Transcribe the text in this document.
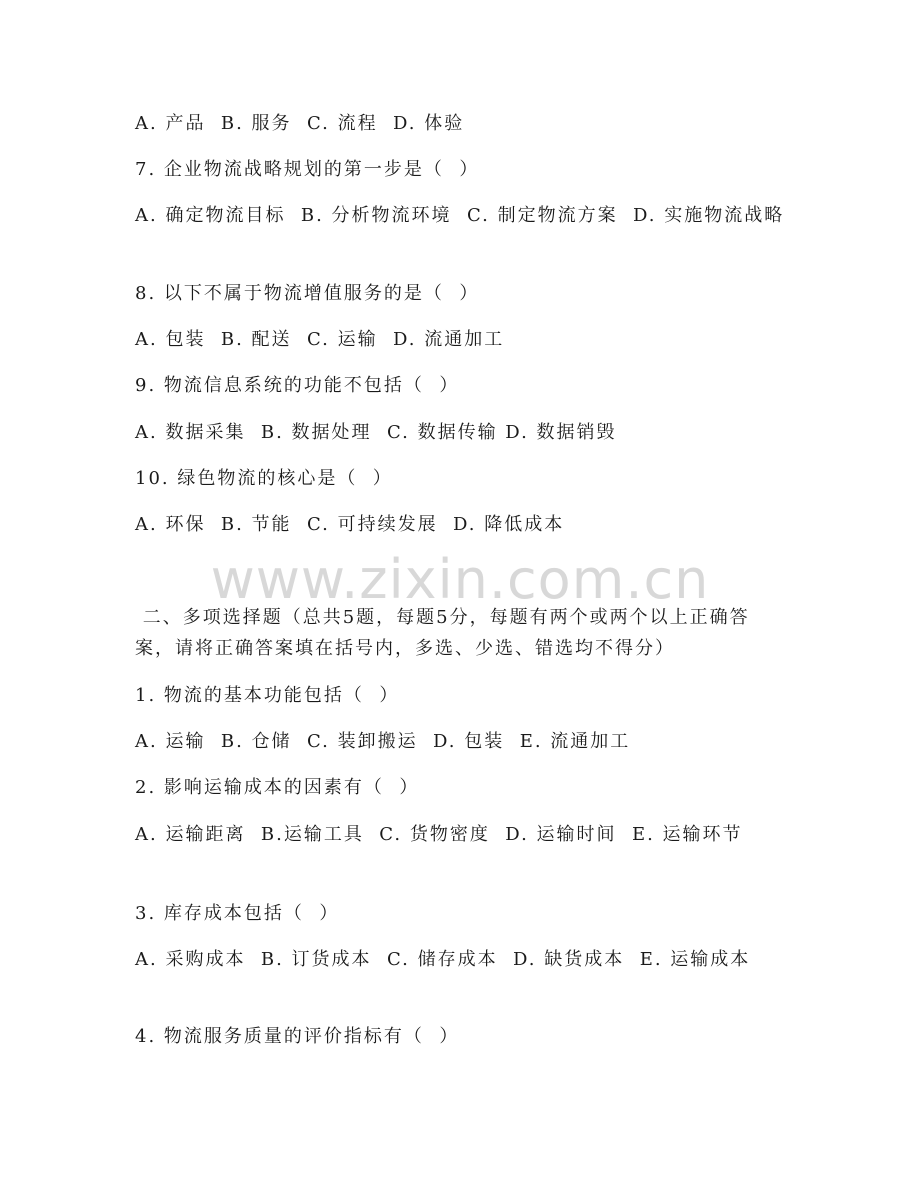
A. 产品  B. 服务  C. 流程  D. 体验
7. 企业物流战略规划的第一步是（  ）
A. 确定物流目标  B. 分析物流环境  C. 制定物流方案  D. 实施物流战略
8. 以下不属于物流增值服务的是（  ）
A. 包装  B. 配送  C. 运输  D. 流通加工
9. 物流信息系统的功能不包括（  ）
A. 数据采集  B. 数据处理  C. 数据传输 D. 数据销毁
10. 绿色物流的核心是（  ）
A. 环保  B. 节能  C. 可持续发展  D. 降低成本
www.zixin.com.cn
二、多项选择题（总共5题，每题5分，每题有两个或两个以上正确答案，请将正确答案填在括号内，多选、少选、错选均不得分）
1. 物流的基本功能包括（  ）
A. 运输  B. 仓储  C. 装卸搬运  D. 包装  E. 流通加工
2. 影响运输成本的因素有（  ）
A. 运输距离  B.运输工具  C. 货物密度  D. 运输时间  E. 运输环节
3. 库存成本包括（  ）
A. 采购成本  B. 订货成本  C. 储存成本  D. 缺货成本  E. 运输成本
4. 物流服务质量的评价指标有（  ）
